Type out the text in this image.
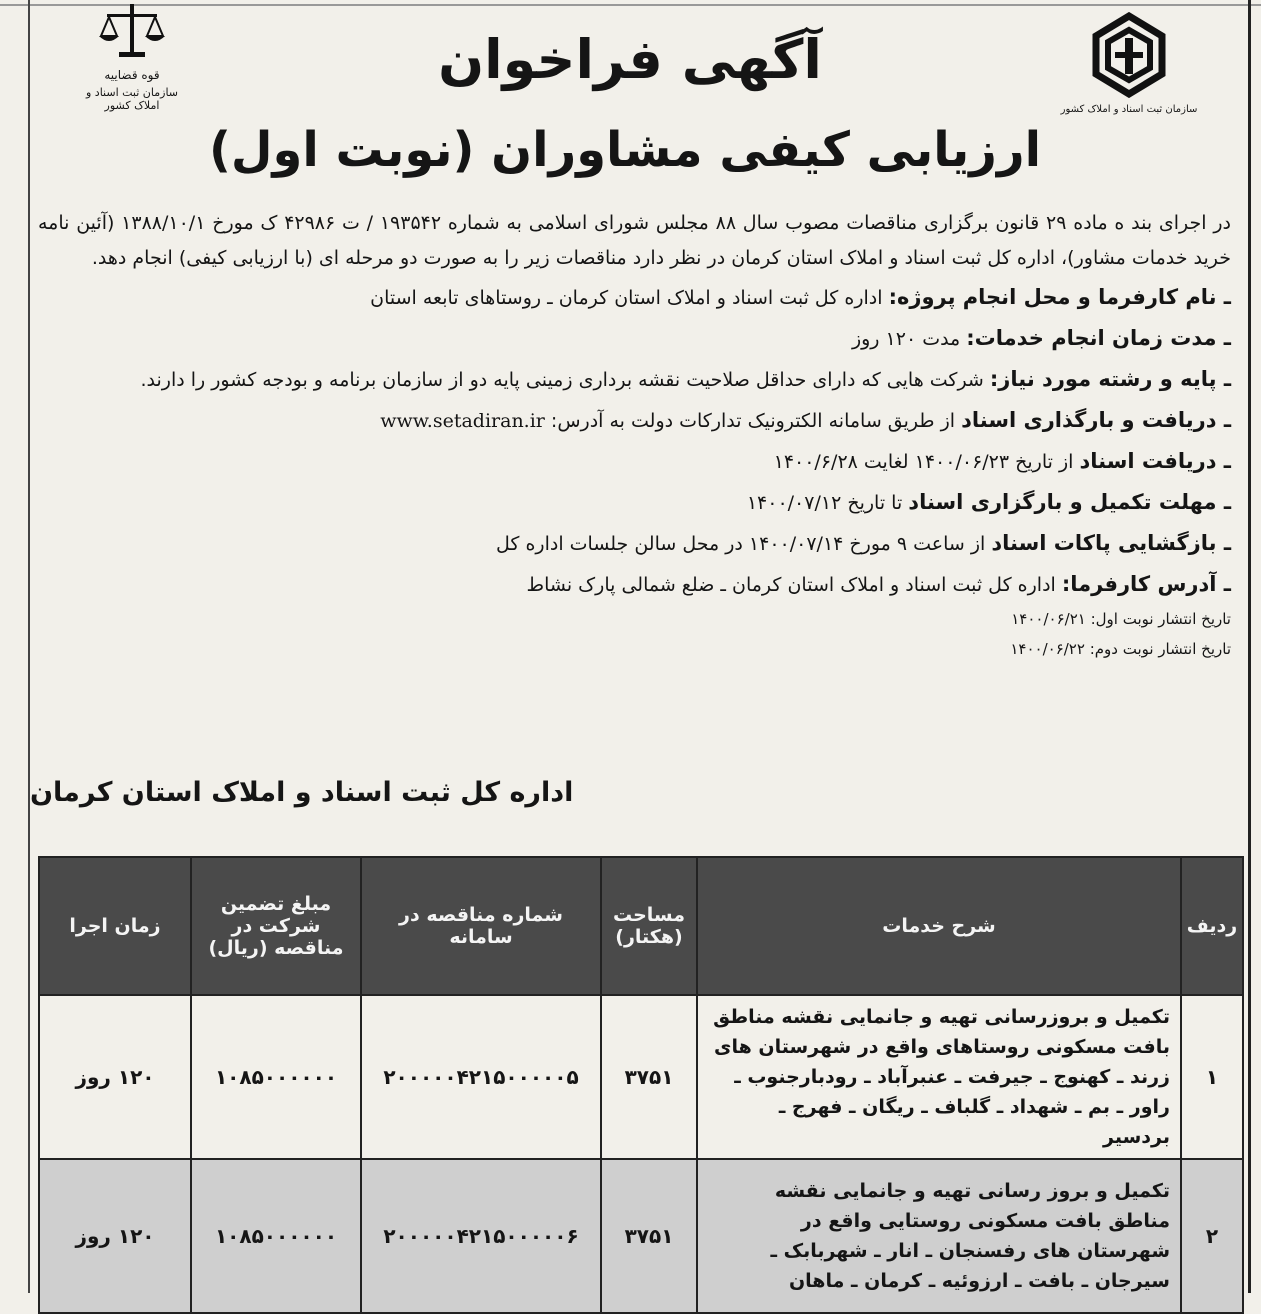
سازمان ثبت اسناد و املاک کشور
قوه قضاییه
سازمان ثبت اسناد و املاک کشور
آگهی فراخوان
ارزیابی کیفی مشاوران (نوبت اول)
در اجرای بند ه ماده ۲۹ قانون برگزاری مناقصات مصوب سال ۸۸ مجلس شورای اسلامی به شماره ۱۹۳۵۴۲ / ت ۴۲۹۸۶ ک مورخ ۱۳۸۸/۱۰/۱ (آئین نامه خرید خدمات مشاور)، اداره کل ثبت اسناد و املاک استان کرمان در نظر دارد مناقصات زیر را به صورت دو مرحله ای (با ارزیابی کیفی) انجام دهد.
ـ نام کارفرما و محل انجام پروژه: اداره کل ثبت اسناد و املاک استان کرمان ـ روستاهای تابعه استان
ـ مدت زمان انجام خدمات: مدت ۱۲۰ روز
ـ پایه و رشته مورد نیاز: شرکت هایی که دارای حداقل صلاحیت نقشه برداری زمینی پایه دو از سازمان برنامه و بودجه کشور را دارند.
ـ دریافت و بارگذاری اسناد از طریق سامانه الکترونیک تدارکات دولت به آدرس: www.setadiran.ir
ـ دریافت اسناد از تاریخ ۱۴۰۰/۰۶/۲۳ لغایت ۱۴۰۰/۶/۲۸
ـ مهلت تکمیل و بارگزاری اسناد تا تاریخ ۱۴۰۰/۰۷/۱۲
ـ بازگشایی پاکات اسناد از ساعت ۹ مورخ ۱۴۰۰/۰۷/۱۴ در محل سالن جلسات اداره کل
ـ آدرس کارفرما: اداره کل ثبت اسناد و املاک استان کرمان ـ ضلع شمالی پارک نشاط
تاریخ انتشار نوبت اول: ۱۴۰۰/۰۶/۲۱
تاریخ انتشار نوبت دوم: ۱۴۰۰/۰۶/۲۲
اداره کل ثبت اسناد و املاک استان کرمان
ردیف	شرح خدمات	مساحت (هکتار)	شماره مناقصه در سامانه	مبلغ تضمین شرکت در مناقصه (ریال)	زمان اجرا
۱	تکمیل و بروزرسانی تهیه و جانمایی نقشه مناطق بافت مسکونی روستاهای واقع در شهرستان های زرند ـ کهنوج ـ جیرفت ـ عنبرآباد ـ رودبارجنوب ـ راور ـ بم ـ شهداد ـ گلباف ـ ریگان ـ فهرج ـ بردسیر	۳۷۵۱	۲۰۰۰۰۰۴۲۱۵۰۰۰۰۰۵	۱۰۸۵۰۰۰۰۰۰	۱۲۰ روز
۲	تکمیل و بروز رسانی تهیه و جانمایی نقشه مناطق بافت مسکونی روستایی واقع در شهرستان های رفسنجان ـ انار ـ شهربابک ـ سیرجان ـ بافت ـ ارزوئیه ـ کرمان ـ ماهان	۳۷۵۱	۲۰۰۰۰۰۴۲۱۵۰۰۰۰۰۶	۱۰۸۵۰۰۰۰۰۰	۱۲۰ روز
